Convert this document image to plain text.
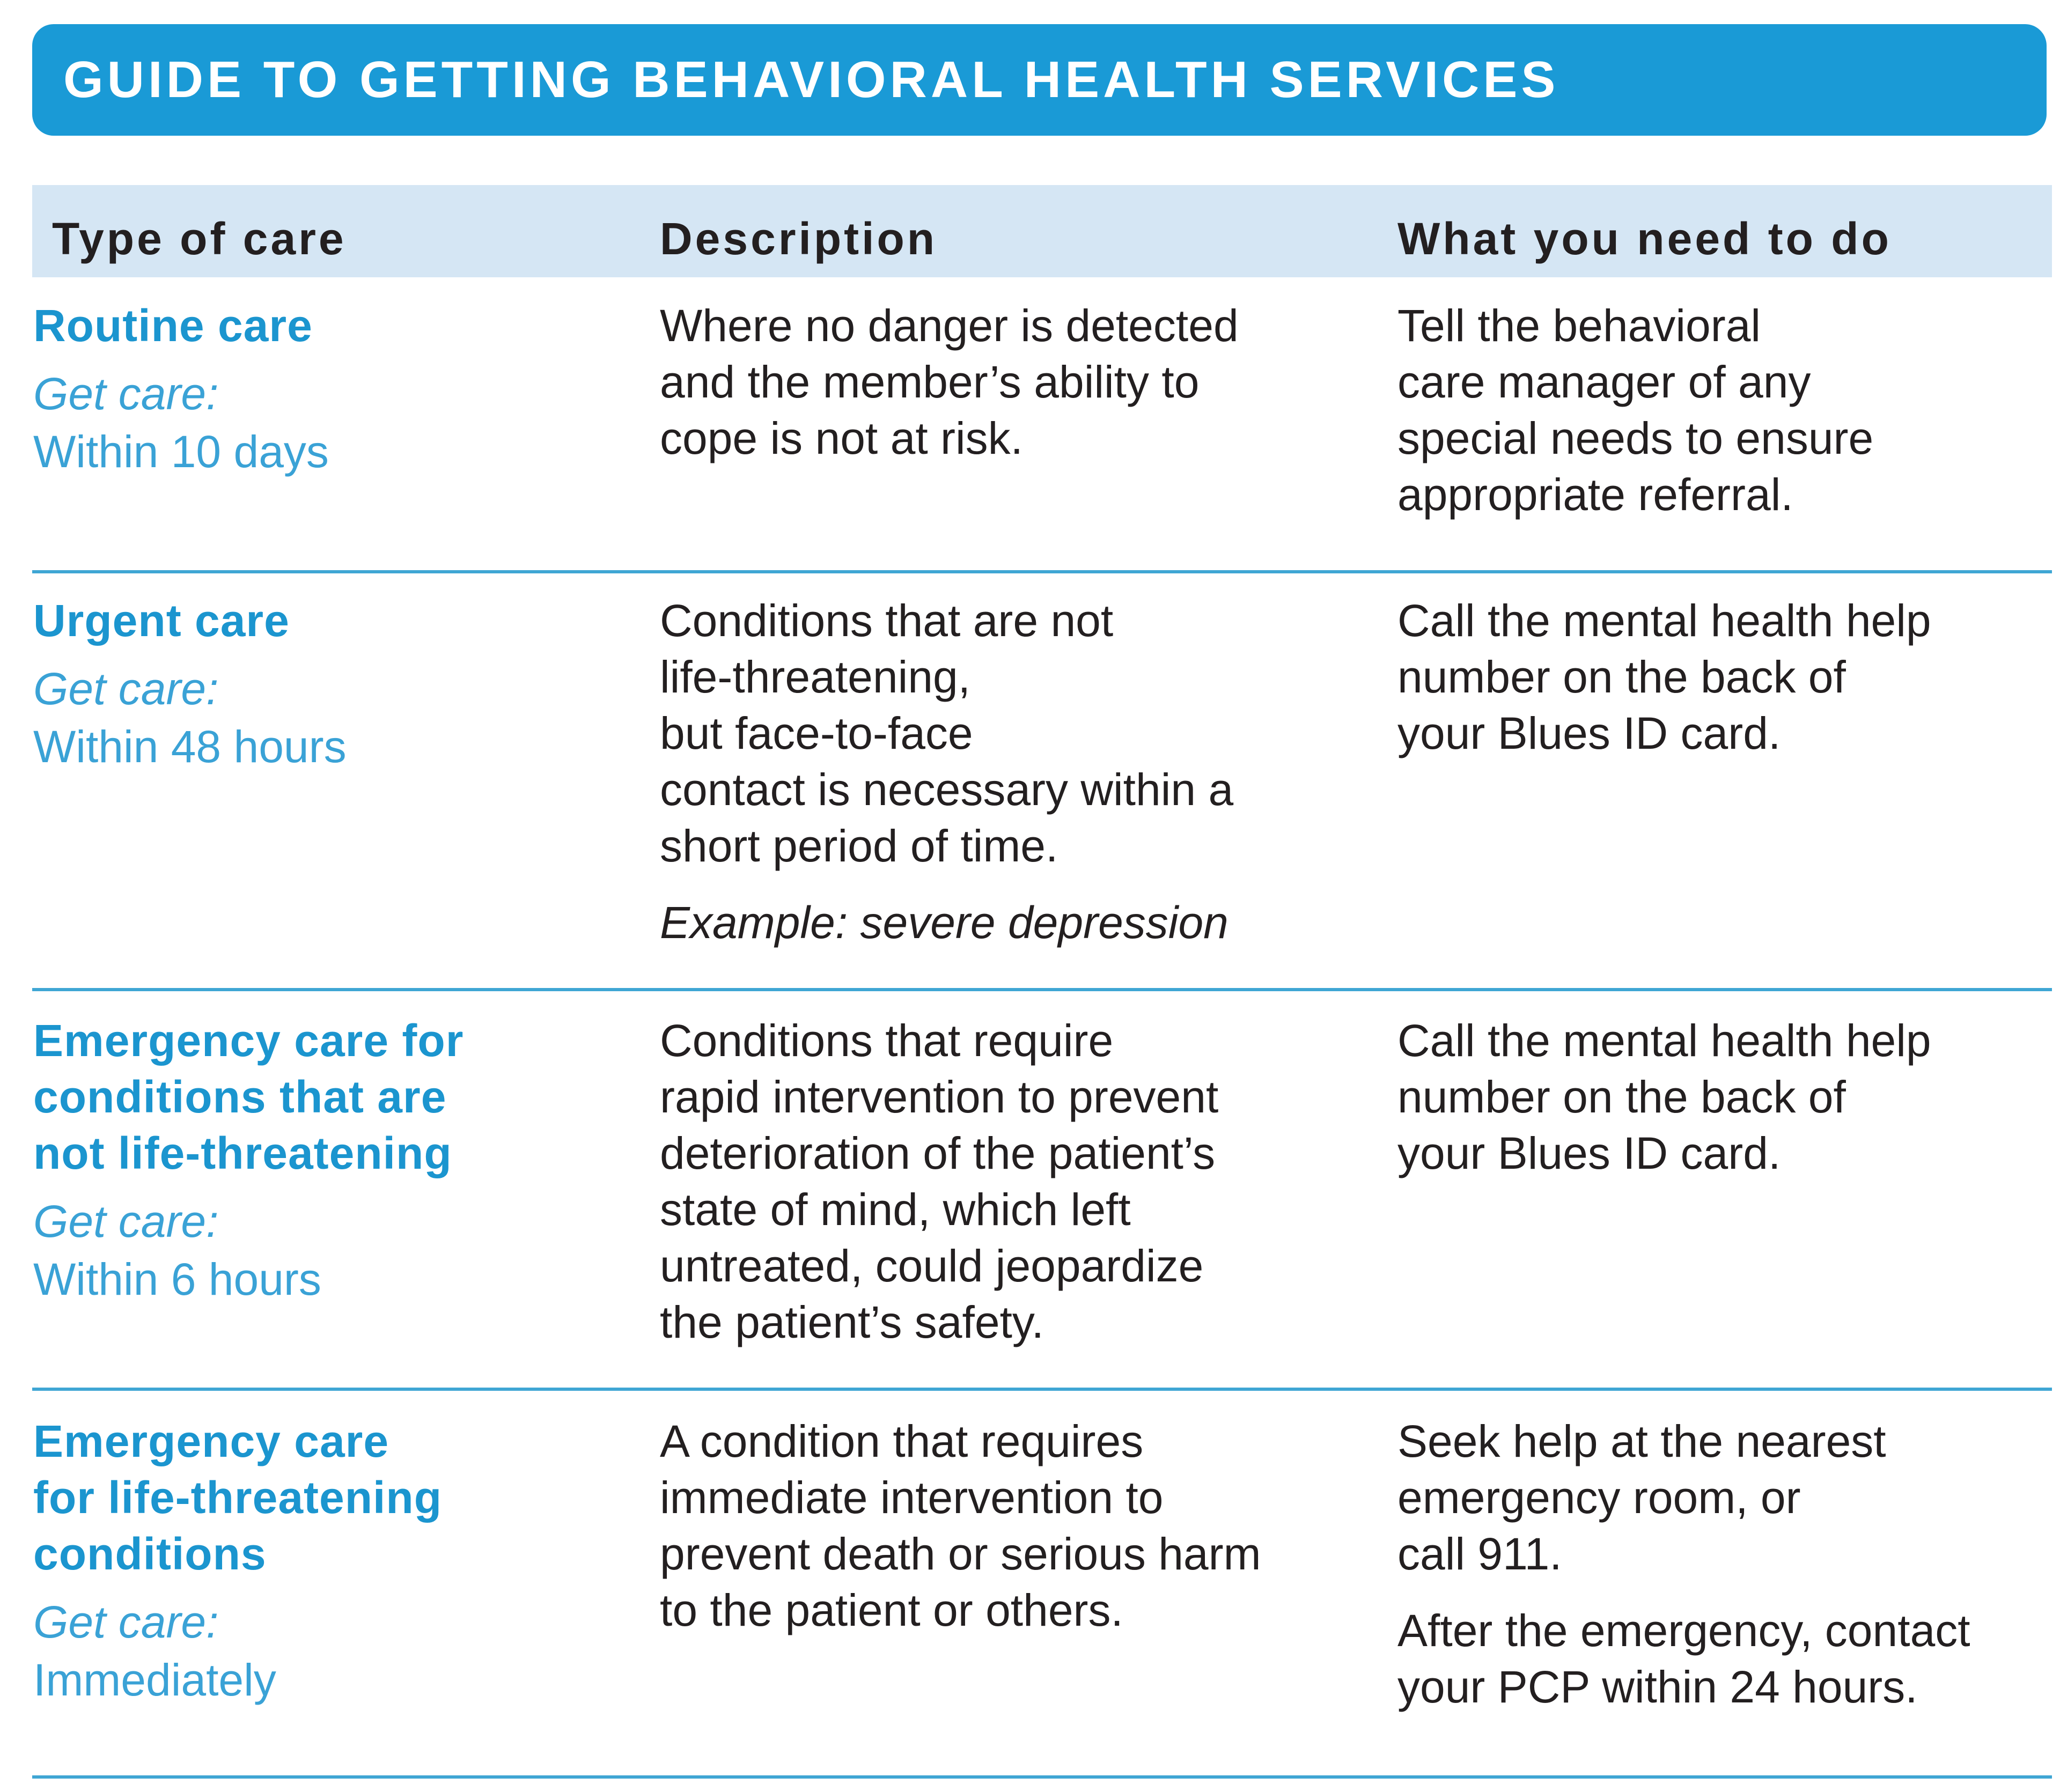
GUIDE TO GETTING BEHAVIORAL HEALTH SERVICES
Type of care	Description	What you need to do
Routine care
Get care:
Within 10 days
Where no danger is detected
and the member’s ability to
cope is not at risk.
Tell the behavioral
care manager of any
special needs to ensure
appropriate referral.
Urgent care
Get care:
Within 48 hours
Conditions that are not
life-threatening,
but face-to-face
contact is necessary within a
short period of time.
Example: severe depression
Call the mental health help
number on the back of
your Blues ID card.
Emergency care for
conditions that are
not life-threatening
Get care:
Within 6 hours
Conditions that require
rapid intervention to prevent
deterioration of the patient’s
state of mind, which left
untreated, could jeopardize
the patient’s safety.
Call the mental health help
number on the back of
your Blues ID card.
Emergency care
for life-threatening
conditions
Get care:
Immediately
A condition that requires
immediate intervention to
prevent death or serious harm
to the patient or others.
Seek help at the nearest
emergency room, or
call 911.
After the emergency, contact
your PCP within 24 hours.
